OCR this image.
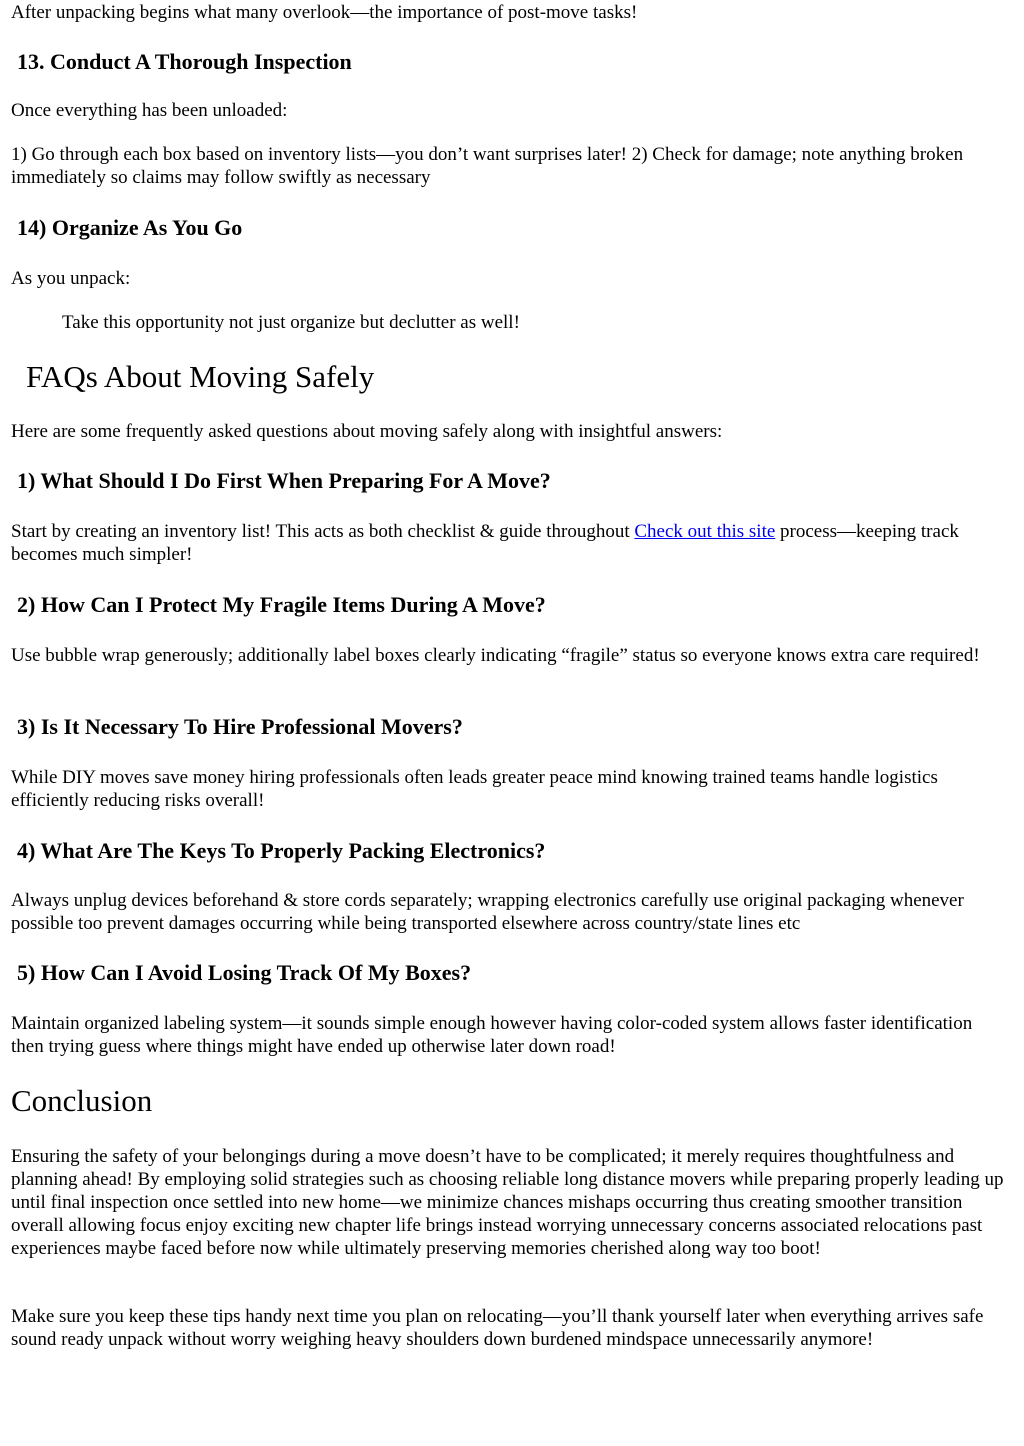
After unpacking begins what many overlook—the importance of post-move tasks!

13. Conduct A Thorough Inspection

Once everything has been unloaded:

1) Go through each box based on inventory lists—you don’t want surprises later! 2) Check for damage; note anything broken immediately so claims may follow swiftly as necessary

14) Organize As You Go

As you unpack:

Take this opportunity not just organize but declutter as well!

FAQs About Moving Safely

Here are some frequently asked questions about moving safely along with insightful answers:

1) What Should I Do First When Preparing For A Move?

Start by creating an inventory list! This acts as both checklist & guide throughout Check out this site process—keeping track becomes much simpler!

2) How Can I Protect My Fragile Items During A Move?

Use bubble wrap generously; additionally label boxes clearly indicating “fragile” status so everyone knows extra care required!

3) Is It Necessary To Hire Professional Movers?

While DIY moves save money hiring professionals often leads greater peace mind knowing trained teams handle logistics efficiently reducing risks overall!

4) What Are The Keys To Properly Packing Electronics?

Always unplug devices beforehand & store cords separately; wrapping electronics carefully use original packaging whenever possible too prevent damages occurring while being transported elsewhere across country/state lines etc

5) How Can I Avoid Losing Track Of My Boxes?

Maintain organized labeling system—it sounds simple enough however having color-coded system allows faster identification then trying guess where things might have ended up otherwise later down road!

Conclusion

Ensuring the safety of your belongings during a move doesn’t have to be complicated; it merely requires thoughtfulness and planning ahead! By employing solid strategies such as choosing reliable long distance movers while preparing properly leading up until final inspection once settled into new home—we minimize chances mishaps occurring thus creating smoother transition overall allowing focus enjoy exciting new chapter life brings instead worrying unnecessary concerns associated relocations past experiences maybe faced before now while ultimately preserving memories cherished along way too boot!

Make sure you keep these tips handy next time you plan on relocating—you’ll thank yourself later when everything arrives safe sound ready unpack without worry weighing heavy shoulders down burdened mindspace unnecessarily anymore!
